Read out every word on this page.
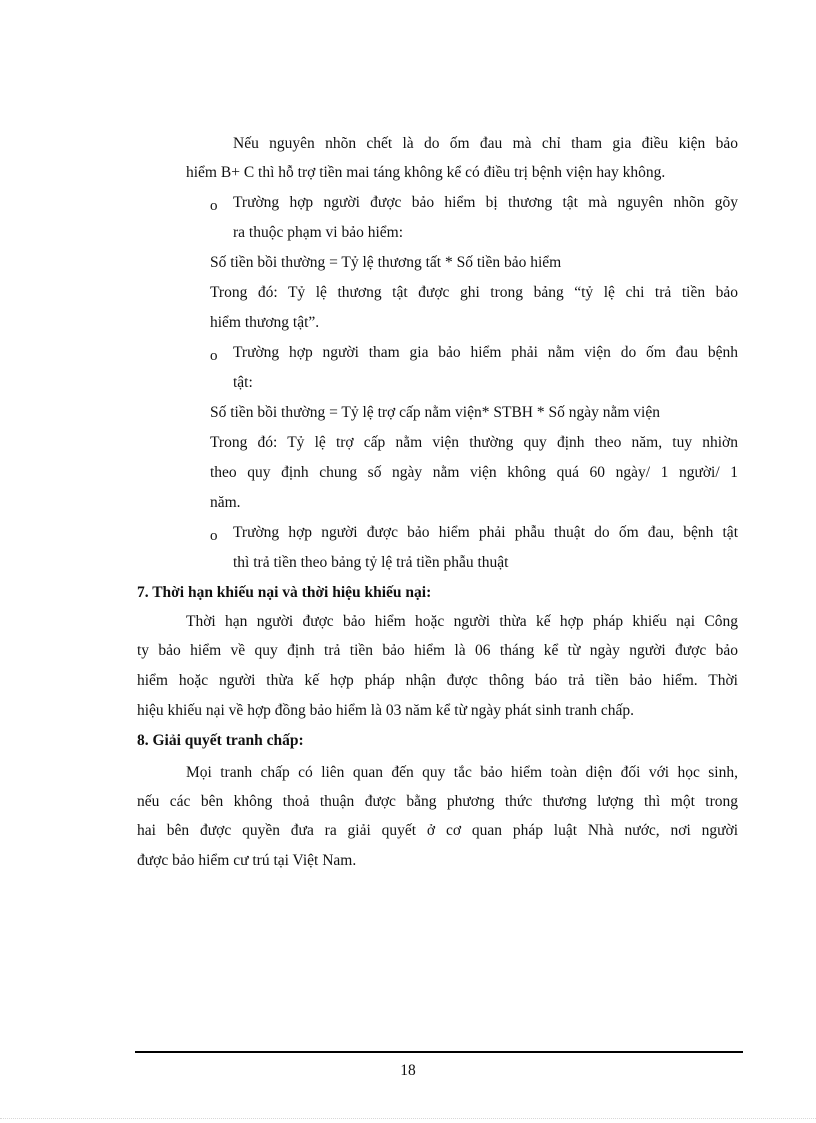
Nếu nguyên nhõn chết là do ốm đau mà chỉ tham gia điều kiện bảo
hiểm B+ C thì hỗ trợ tiền mai táng không kể có điều trị bệnh viện hay không.
o Trường hợp người được bảo hiểm bị thương tật mà nguyên nhõn gõy
ra thuộc phạm vi bảo hiểm:
Số tiền bồi thường = Tỷ lệ thương tất * Số tiền bảo hiểm
Trong đó: Tỷ lệ thương tật được ghi trong bảng “tỷ lệ chi trả tiền bảo
hiểm thương tật”.
o Trường hợp người tham gia bảo hiểm phải nằm viện do ốm đau bệnh
tật:
Số tiền bồi thường = Tỷ lệ trợ cấp nằm viện* STBH * Số ngày nằm viện
Trong đó: Tỷ lệ trợ cấp nằm viện thường quy định theo năm, tuy nhiờn
theo quy định chung số ngày nằm viện không quá 60 ngày/ 1 người/ 1
năm.
o Trường hợp người được bảo hiểm phải phẫu thuật do ốm đau, bệnh tật
thì trả tiền theo bảng tỷ lệ trả tiền phẫu thuật
7. Thời hạn khiếu nại và thời hiệu khiếu nại:
Thời hạn người được bảo hiểm hoặc người thừa kế hợp pháp khiếu nại Công
ty bảo hiểm về quy định trả tiền bảo hiểm là 06 tháng kể từ ngày người được bảo
hiểm hoặc người thừa kế hợp pháp nhận được thông báo trả tiền bảo hiểm. Thời
hiệu khiếu nại về hợp đồng bảo hiểm là 03 năm kể từ ngày phát sinh tranh chấp.
8. Giải quyết tranh chấp:
Mọi tranh chấp có liên quan đến quy tắc bảo hiểm toàn diện đối với học sinh,
nếu các bên không thoả thuận được bằng phương thức thương lượng thì một trong
hai bên được quyền đưa ra giải quyết ở cơ quan pháp luật Nhà nước, nơi người
được bảo hiểm cư trú tại Việt Nam.
18
